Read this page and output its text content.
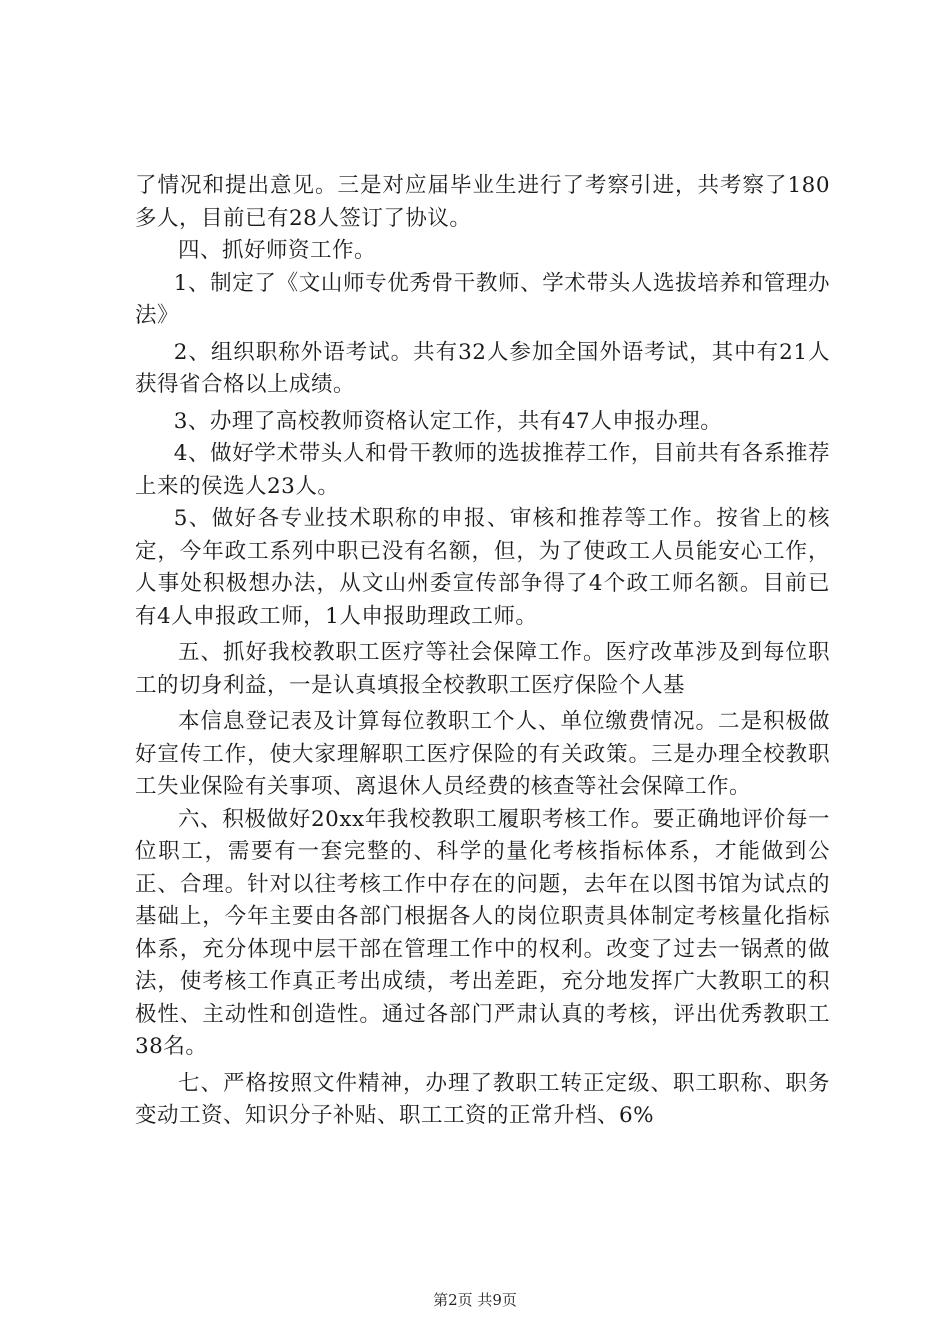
了情况和提出意见。三是对应届毕业生进行了考察引进，共考察了180多人，目前已有28人签订了协议。

四、抓好师资工作。

1、制定了《文山师专优秀骨干教师、学术带头人选拔培养和管理办法》

2、组织职称外语考试。共有32人参加全国外语考试，其中有21人获得省合格以上成绩。

3、办理了高校教师资格认定工作，共有47人申报办理。

4、做好学术带头人和骨干教师的选拔推荐工作，目前共有各系推荐上来的侯选人23人。

5、做好各专业技术职称的申报、审核和推荐等工作。按省上的核定，今年政工系列中职已没有名额，但，为了使政工人员能安心工作，人事处积极想办法，从文山州委宣传部争得了4个政工师名额。目前已有4人申报政工师，1人申报助理政工师。

五、抓好我校教职工医疗等社会保障工作。医疗改革涉及到每位职工的切身利益，一是认真填报全校教职工医疗保险个人基

本信息登记表及计算每位教职工个人、单位缴费情况。二是积极做好宣传工作，使大家理解职工医疗保险的有关政策。三是办理全校教职工失业保险有关事项、离退休人员经费的核查等社会保障工作。

六、积极做好20xx年我校教职工履职考核工作。要正确地评价每一位职工，需要有一套完整的、科学的量化考核指标体系，才能做到公正、合理。针对以往考核工作中存在的问题，去年在以图书馆为试点的基础上，今年主要由各部门根据各人的岗位职责具体制定考核量化指标体系，充分体现中层干部在管理工作中的权利。改变了过去一锅煮的做法，使考核工作真正考出成绩，考出差距，充分地发挥广大教职工的积极性、主动性和创造性。通过各部门严肃认真的考核，评出优秀教职工38名。

七、严格按照文件精神，办理了教职工转正定级、职工职称、职务变动工资、知识分子补贴、职工工资的正常升档、6%

第2页 共9页
